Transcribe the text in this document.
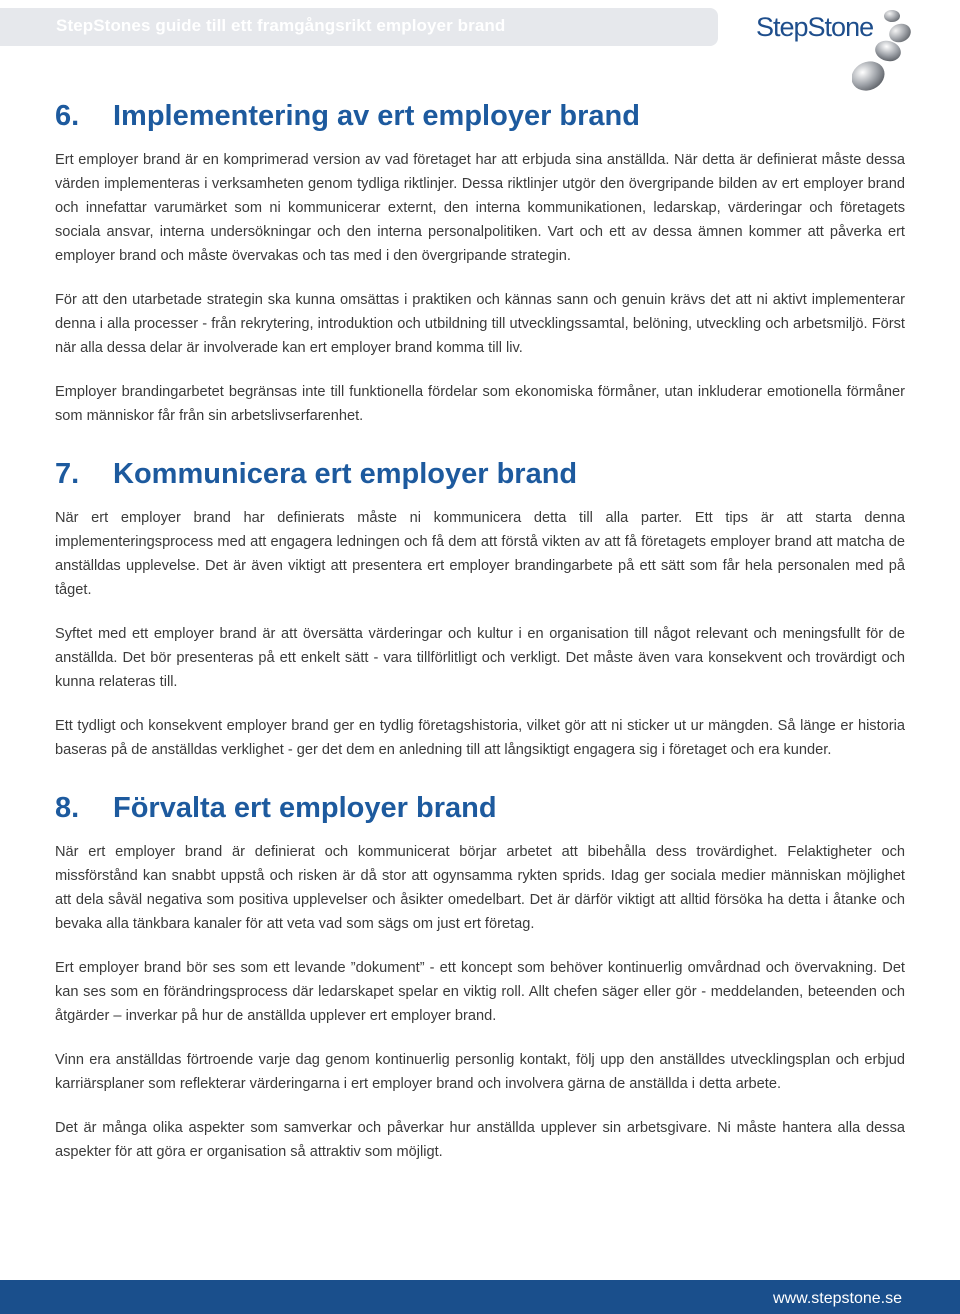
StepStones guide till ett framgångsrikt employer brand	StepStone
6.	Implementering av ert employer brand

Ert employer brand är en komprimerad version av vad företaget har att erbjuda sina anställda. När detta är definierat måste dessa värden implementeras i verksamheten genom tydliga riktlinjer. Dessa riktlinjer utgör den övergripande bilden av ert employer brand och innefattar varumärket som ni kommunicerar externt, den interna kommunikationen, ledarskap, värderingar och företagets sociala ansvar, interna undersökningar och den interna personalpolitiken. Vart och ett av dessa ämnen kommer att påverka ert employer brand och måste övervakas och tas med i den övergripande strategin.

För att den utarbetade strategin ska kunna omsättas i praktiken och kännas sann och genuin krävs det att ni aktivt implementerar denna i alla processer - från rekrytering, introduktion och utbildning till utvecklingssamtal, belöning, utveckling och arbetsmiljö. Först när alla dessa delar är involverade kan ert employer brand komma till liv.

Employer brandingarbetet begränsas inte till funktionella fördelar som ekonomiska förmåner, utan inkluderar emotionella förmåner som människor får från sin arbetslivserfarenhet.

7.	Kommunicera ert employer brand

När ert employer brand har definierats måste ni kommunicera detta till alla parter. Ett tips är att starta denna implementeringsprocess med att engagera ledningen och få dem att förstå vikten av att få företagets employer brand att matcha de anställdas upplevelse. Det är även viktigt att presentera ert employer brandingarbete på ett sätt som får hela personalen med på tåget.

Syftet med ett employer brand är att översätta värderingar och kultur i en organisation till något relevant och meningsfullt för de anställda. Det bör presenteras på ett enkelt sätt - vara tillförlitligt och verkligt. Det måste även vara konsekvent och trovärdigt och kunna relateras till.

Ett tydligt och konsekvent employer brand ger en tydlig företagshistoria, vilket gör att ni sticker ut ur mängden. Så länge er historia baseras på de anställdas verklighet - ger det dem en anledning till att långsiktigt engagera sig i företaget och era kunder.

8.	Förvalta ert employer brand

När ert employer brand är definierat och kommunicerat börjar arbetet att bibehålla dess trovärdighet. Felaktigheter och missförstånd kan snabbt uppstå och risken är då stor att ogynsamma rykten sprids. Idag ger sociala medier människan möjlighet att dela såväl negativa som positiva upplevelser och åsikter omedelbart. Det är därför viktigt att alltid försöka ha detta i åtanke och bevaka alla tänkbara kanaler för att veta vad som sägs om just ert företag.

Ert employer brand bör ses som ett levande ”dokument” - ett koncept som behöver kontinuerlig omvårdnad och övervakning. Det kan ses som en förändringsprocess där ledarskapet spelar en viktig roll. Allt chefen säger eller gör - meddelanden, beteenden och åtgärder – inverkar på hur de anställda upplever ert employer brand.

Vinn era anställdas förtroende varje dag genom kontinuerlig personlig kontakt, följ upp den anställdes utvecklingsplan och erbjud karriärsplaner som reflekterar värderingarna i ert employer brand och involvera gärna de anställda i detta arbete.

Det är många olika aspekter som samverkar och påverkar hur anställda upplever sin arbetsgivare. Ni måste hantera alla dessa aspekter för att göra er organisation så attraktiv som möjligt.

www.stepstone.se
